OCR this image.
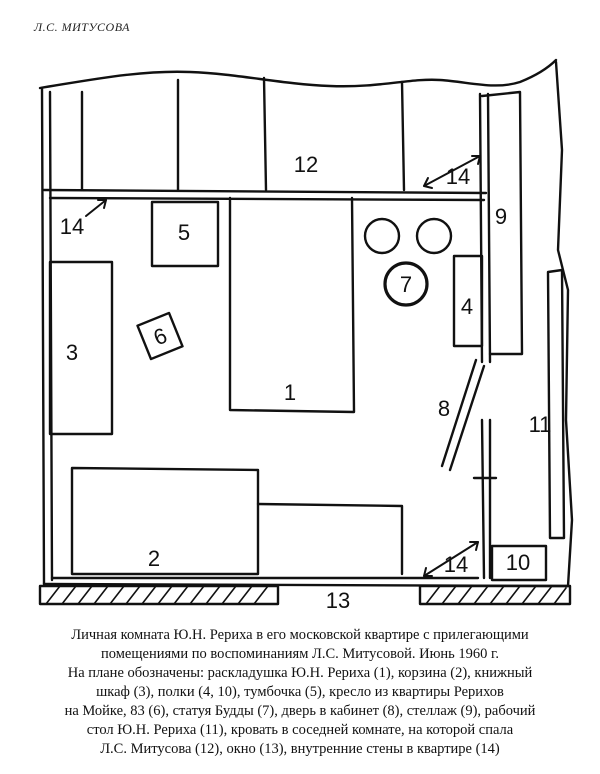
Л.С. МИТУСОВА
1
2
3
4
5
6
7
8
9
10
11
12
13
14
14
14
Личная комната Ю.Н. Рериха в его московской квартире с прилегающими
помещениями по воспоминаниям Л.С. Митусовой. Июнь 1960 г.
На плане обозначены: раскладушка Ю.Н. Рериха (1), корзина (2), книжный
шкаф (3), полки (4, 10), тумбочка (5), кресло из квартиры Рерихов
на Мойке, 83 (6), статуя Будды (7), дверь в кабинет (8), стеллаж (9), рабочий
стол Ю.Н. Рериха (11), кровать в соседней комнате, на которой спала
Л.С. Митусова (12), окно (13), внутренние стены в квартире (14)
